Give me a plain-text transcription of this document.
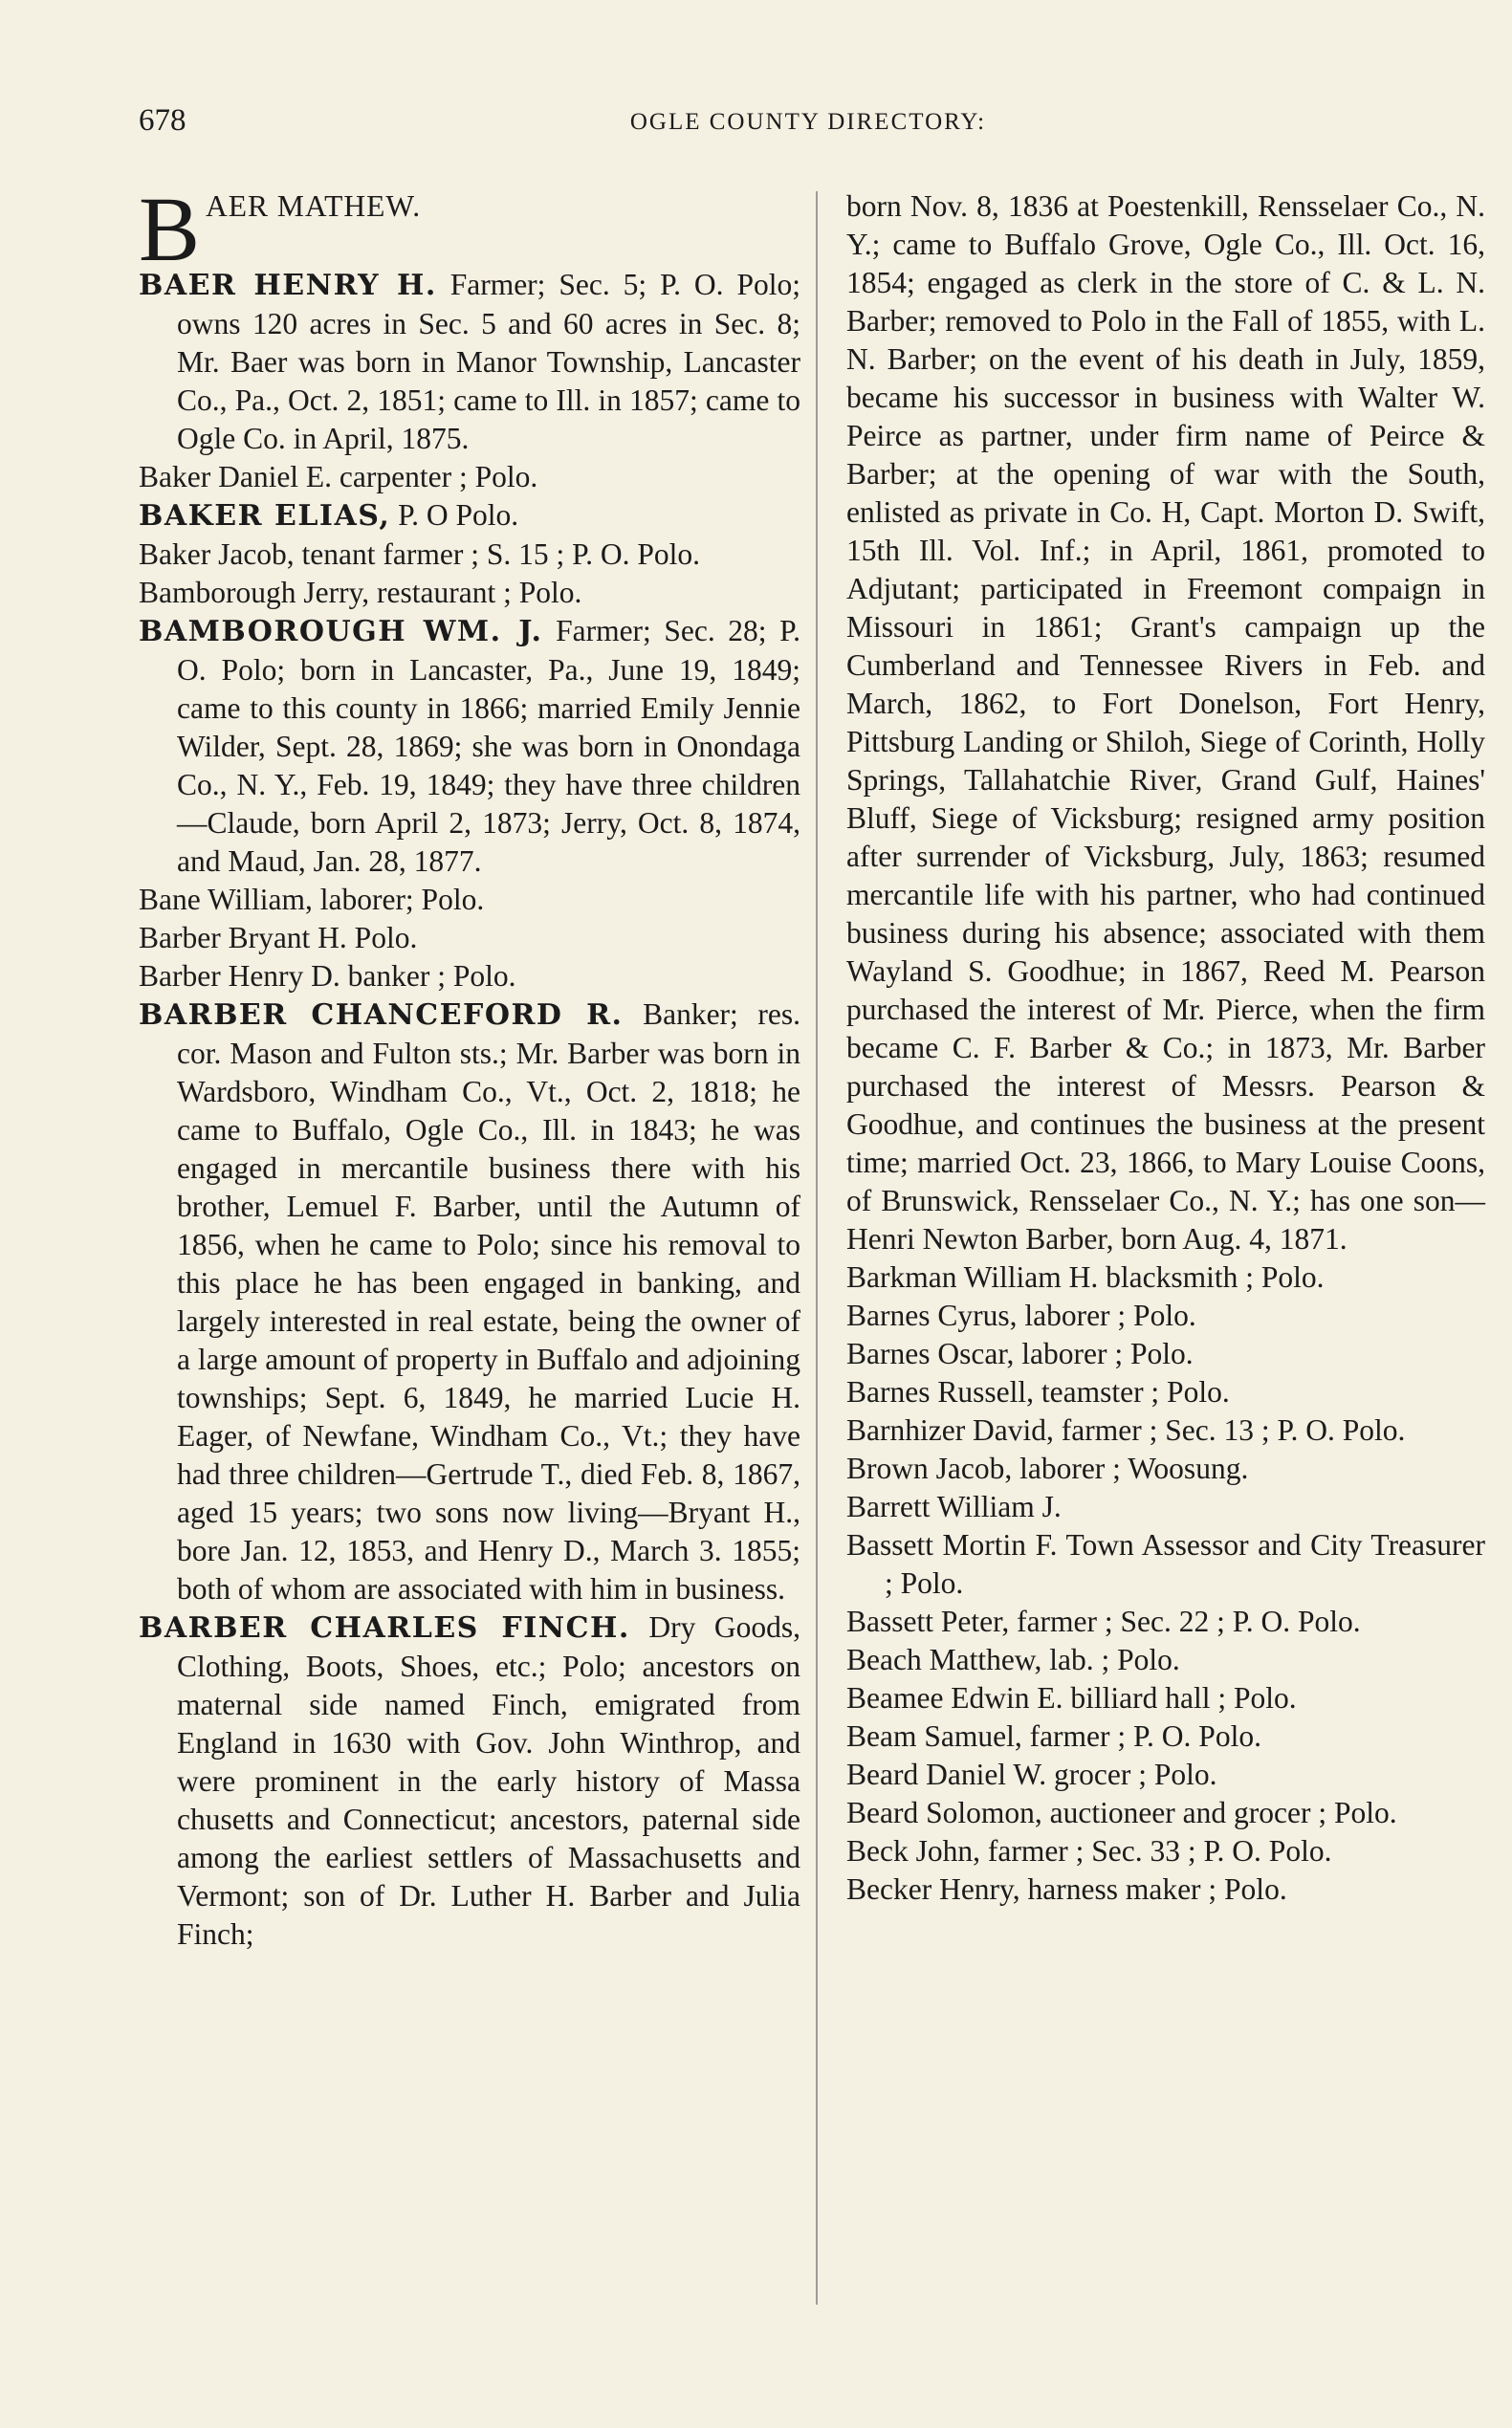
678	OGLE COUNTY DIRECTORY:

BAER MATHEW.

BAER HENRY H. Farmer; Sec. 5; P. O. Polo; owns 120 acres in Sec. 5 and 60 acres in Sec. 8; Mr. Baer was born in Manor Township, Lancaster Co., Pa., Oct. 2, 1851; came to Ill. in 1857; came to Ogle Co. in April, 1875.

Baker Daniel E. carpenter ; Polo.

BAKER ELIAS, P. O Polo.

Baker Jacob, tenant farmer ; S. 15 ; P. O. Polo.

Bamborough Jerry, restaurant ; Polo.

BAMBOROUGH WM. J. Farmer; Sec. 28; P. O. Polo; born in Lancaster, Pa., June 19, 1849; came to this county in 1866; married Emily Jennie Wilder, Sept. 28, 1869; she was born in Onondaga Co., N. Y., Feb. 19, 1849; they have three children—Claude, born April 2, 1873; Jerry, Oct. 8, 1874, and Maud, Jan. 28, 1877.

Bane William, laborer; Polo.

Barber Bryant H. Polo.

Barber Henry D. banker ; Polo.

BARBER CHANCEFORD R. Banker; res. cor. Mason and Fulton sts.; Mr. Barber was born in Wardsboro, Windham Co., Vt., Oct. 2, 1818; he came to Buffalo, Ogle Co., Ill. in 1843; he was engaged in mercantile business there with his brother, Lemuel F. Barber, until the Autumn of 1856, when he came to Polo; since his removal to this place he has been engaged in banking, and largely interested in real estate, being the owner of a large amount of property in Buffalo and adjoining townships; Sept. 6, 1849, he married Lucie H. Eager, of Newfane, Windham Co., Vt.; they have had three children—Gertrude T., died Feb. 8, 1867, aged 15 years; two sons now living—Bryant H., bore Jan. 12, 1853, and Henry D., March 3. 1855; both of whom are associated with him in business.

BARBER CHARLES FINCH. Dry Goods, Clothing, Boots, Shoes, etc.; Polo; ancestors on maternal side named Finch, emigrated from England in 1630 with Gov. John Winthrop, and were prominent in the early history of Massa chusetts and Connecticut; ancestors, paternal side among the earliest settlers of Massachusetts and Vermont; son of Dr. Luther H. Barber and Julia Finch;

born Nov. 8, 1836 at Poestenkill, Rensselaer Co., N. Y.; came to Buffalo Grove, Ogle Co., Ill. Oct. 16, 1854; engaged as clerk in the store of C. & L. N. Barber; removed to Polo in the Fall of 1855, with L. N. Barber; on the event of his death in July, 1859, became his successor in business with Walter W. Peirce as partner, under firm name of Peirce & Barber; at the opening of war with the South, enlisted as private in Co. H, Capt. Morton D. Swift, 15th Ill. Vol. Inf.; in April, 1861, promoted to Adjutant; participated in Freemont compaign in Missouri in 1861; Grant's campaign up the Cumberland and Tennessee Rivers in Feb. and March, 1862, to Fort Donelson, Fort Henry, Pittsburg Landing or Shiloh, Siege of Corinth, Holly Springs, Tallahatchie River, Grand Gulf, Haines' Bluff, Siege of Vicksburg; resigned army position after surrender of Vicksburg, July, 1863; resumed mercantile life with his partner, who had continued business during his absence; associated with them Wayland S. Goodhue; in 1867, Reed M. Pearson purchased the interest of Mr. Pierce, when the firm became C. F. Barber & Co.; in 1873, Mr. Barber purchased the interest of Messrs. Pearson & Goodhue, and continues the business at the present time; married Oct. 23, 1866, to Mary Louise Coons, of Brunswick, Rensselaer Co., N. Y.; has one son—Henri Newton Barber, born Aug. 4, 1871.

Barkman William H. blacksmith ; Polo.

Barnes Cyrus, laborer ; Polo.

Barnes Oscar, laborer ; Polo.

Barnes Russell, teamster ; Polo.

Barnhizer David, farmer ; Sec. 13 ; P. O. Polo.

Brown Jacob, laborer ; Woosung.

Barrett William J.

Bassett Mortin F. Town Assessor and City Treasurer ; Polo.

Bassett Peter, farmer ; Sec. 22 ; P. O. Polo.

Beach Matthew, lab. ; Polo.

Beamee Edwin E. billiard hall ; Polo.

Beam Samuel, farmer ; P. O. Polo.

Beard Daniel W. grocer ; Polo.

Beard Solomon, auctioneer and grocer ; Polo.

Beck John, farmer ; Sec. 33 ; P. O. Polo.

Becker Henry, harness maker ; Polo.
